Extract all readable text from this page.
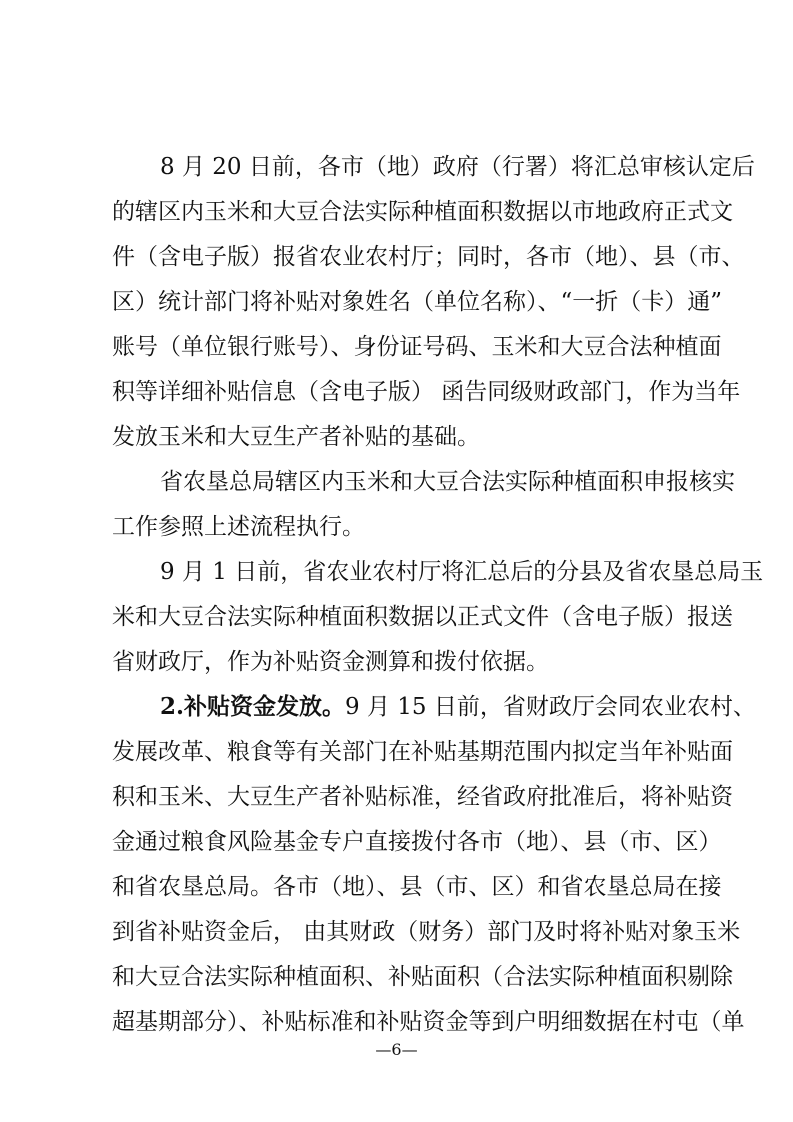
8 月 20 日前，各市（地）政府（行署）将汇总审核认定后
的辖区内玉米和大豆合法实际种植面积数据以市地政府正式文
件（含电子版）报省农业农村厅；同时，各市（地）、县（市、
区）统计部门将补贴对象姓名（单位名称）、“一折（卡）通”
账号（单位银行账号）、身份证号码、玉米和大豆合法种植面
积等详细补贴信息（含电子版） 函告同级财政部门，作为当年
发放玉米和大豆生产者补贴的基础。
省农垦总局辖区内玉米和大豆合法实际种植面积申报核实
工作参照上述流程执行。
9 月 1 日前，省农业农村厅将汇总后的分县及省农垦总局玉
米和大豆合法实际种植面积数据以正式文件（含电子版）报送
省财政厅，作为补贴资金测算和拨付依据。
2.补贴资金发放。9 月 15 日前，省财政厅会同农业农村、
发展改革、粮食等有关部门在补贴基期范围内拟定当年补贴面
积和玉米、大豆生产者补贴标准，经省政府批准后，将补贴资
金通过粮食风险基金专户直接拨付各市（地）、县（市、区）
和省农垦总局。各市（地）、县（市、区）和省农垦总局在接
到省补贴资金后， 由其财政（财务）部门及时将补贴对象玉米
和大豆合法实际种植面积、补贴面积（合法实际种植面积剔除
超基期部分）、补贴标准和补贴资金等到户明细数据在村屯（单
—6—
